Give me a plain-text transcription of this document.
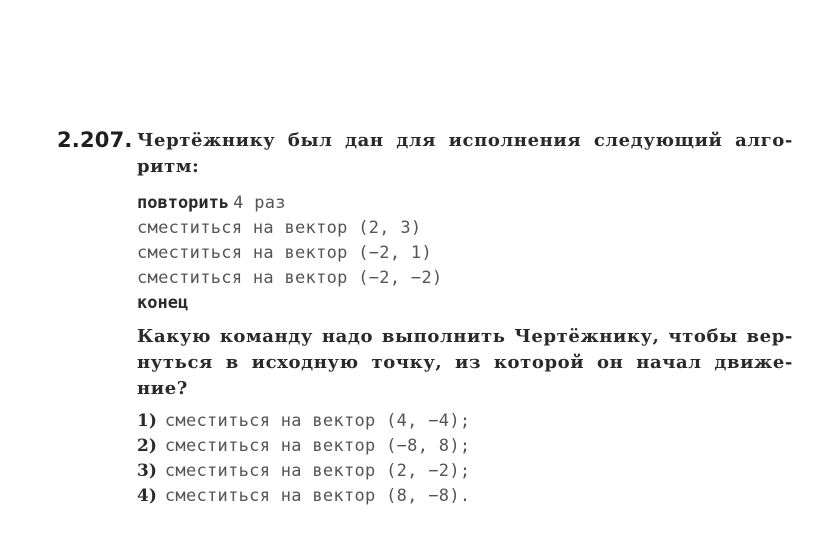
2.207. Чертёжнику был дан для исполнения следующий алго-
ритм:
повторить 4 раз
сместиться на вектор (2, 3)
сместиться на вектор (−2, 1)
сместиться на вектор (−2, −2)
конец
Какую команду надо выполнить Чертёжнику, чтобы вер-
нуться в исходную точку, из которой он начал движе-
ние?
1) сместиться на вектор (4, −4);
2) сместиться на вектор (−8, 8);
3) сместиться на вектор (2, −2);
4) сместиться на вектор (8, −8).
